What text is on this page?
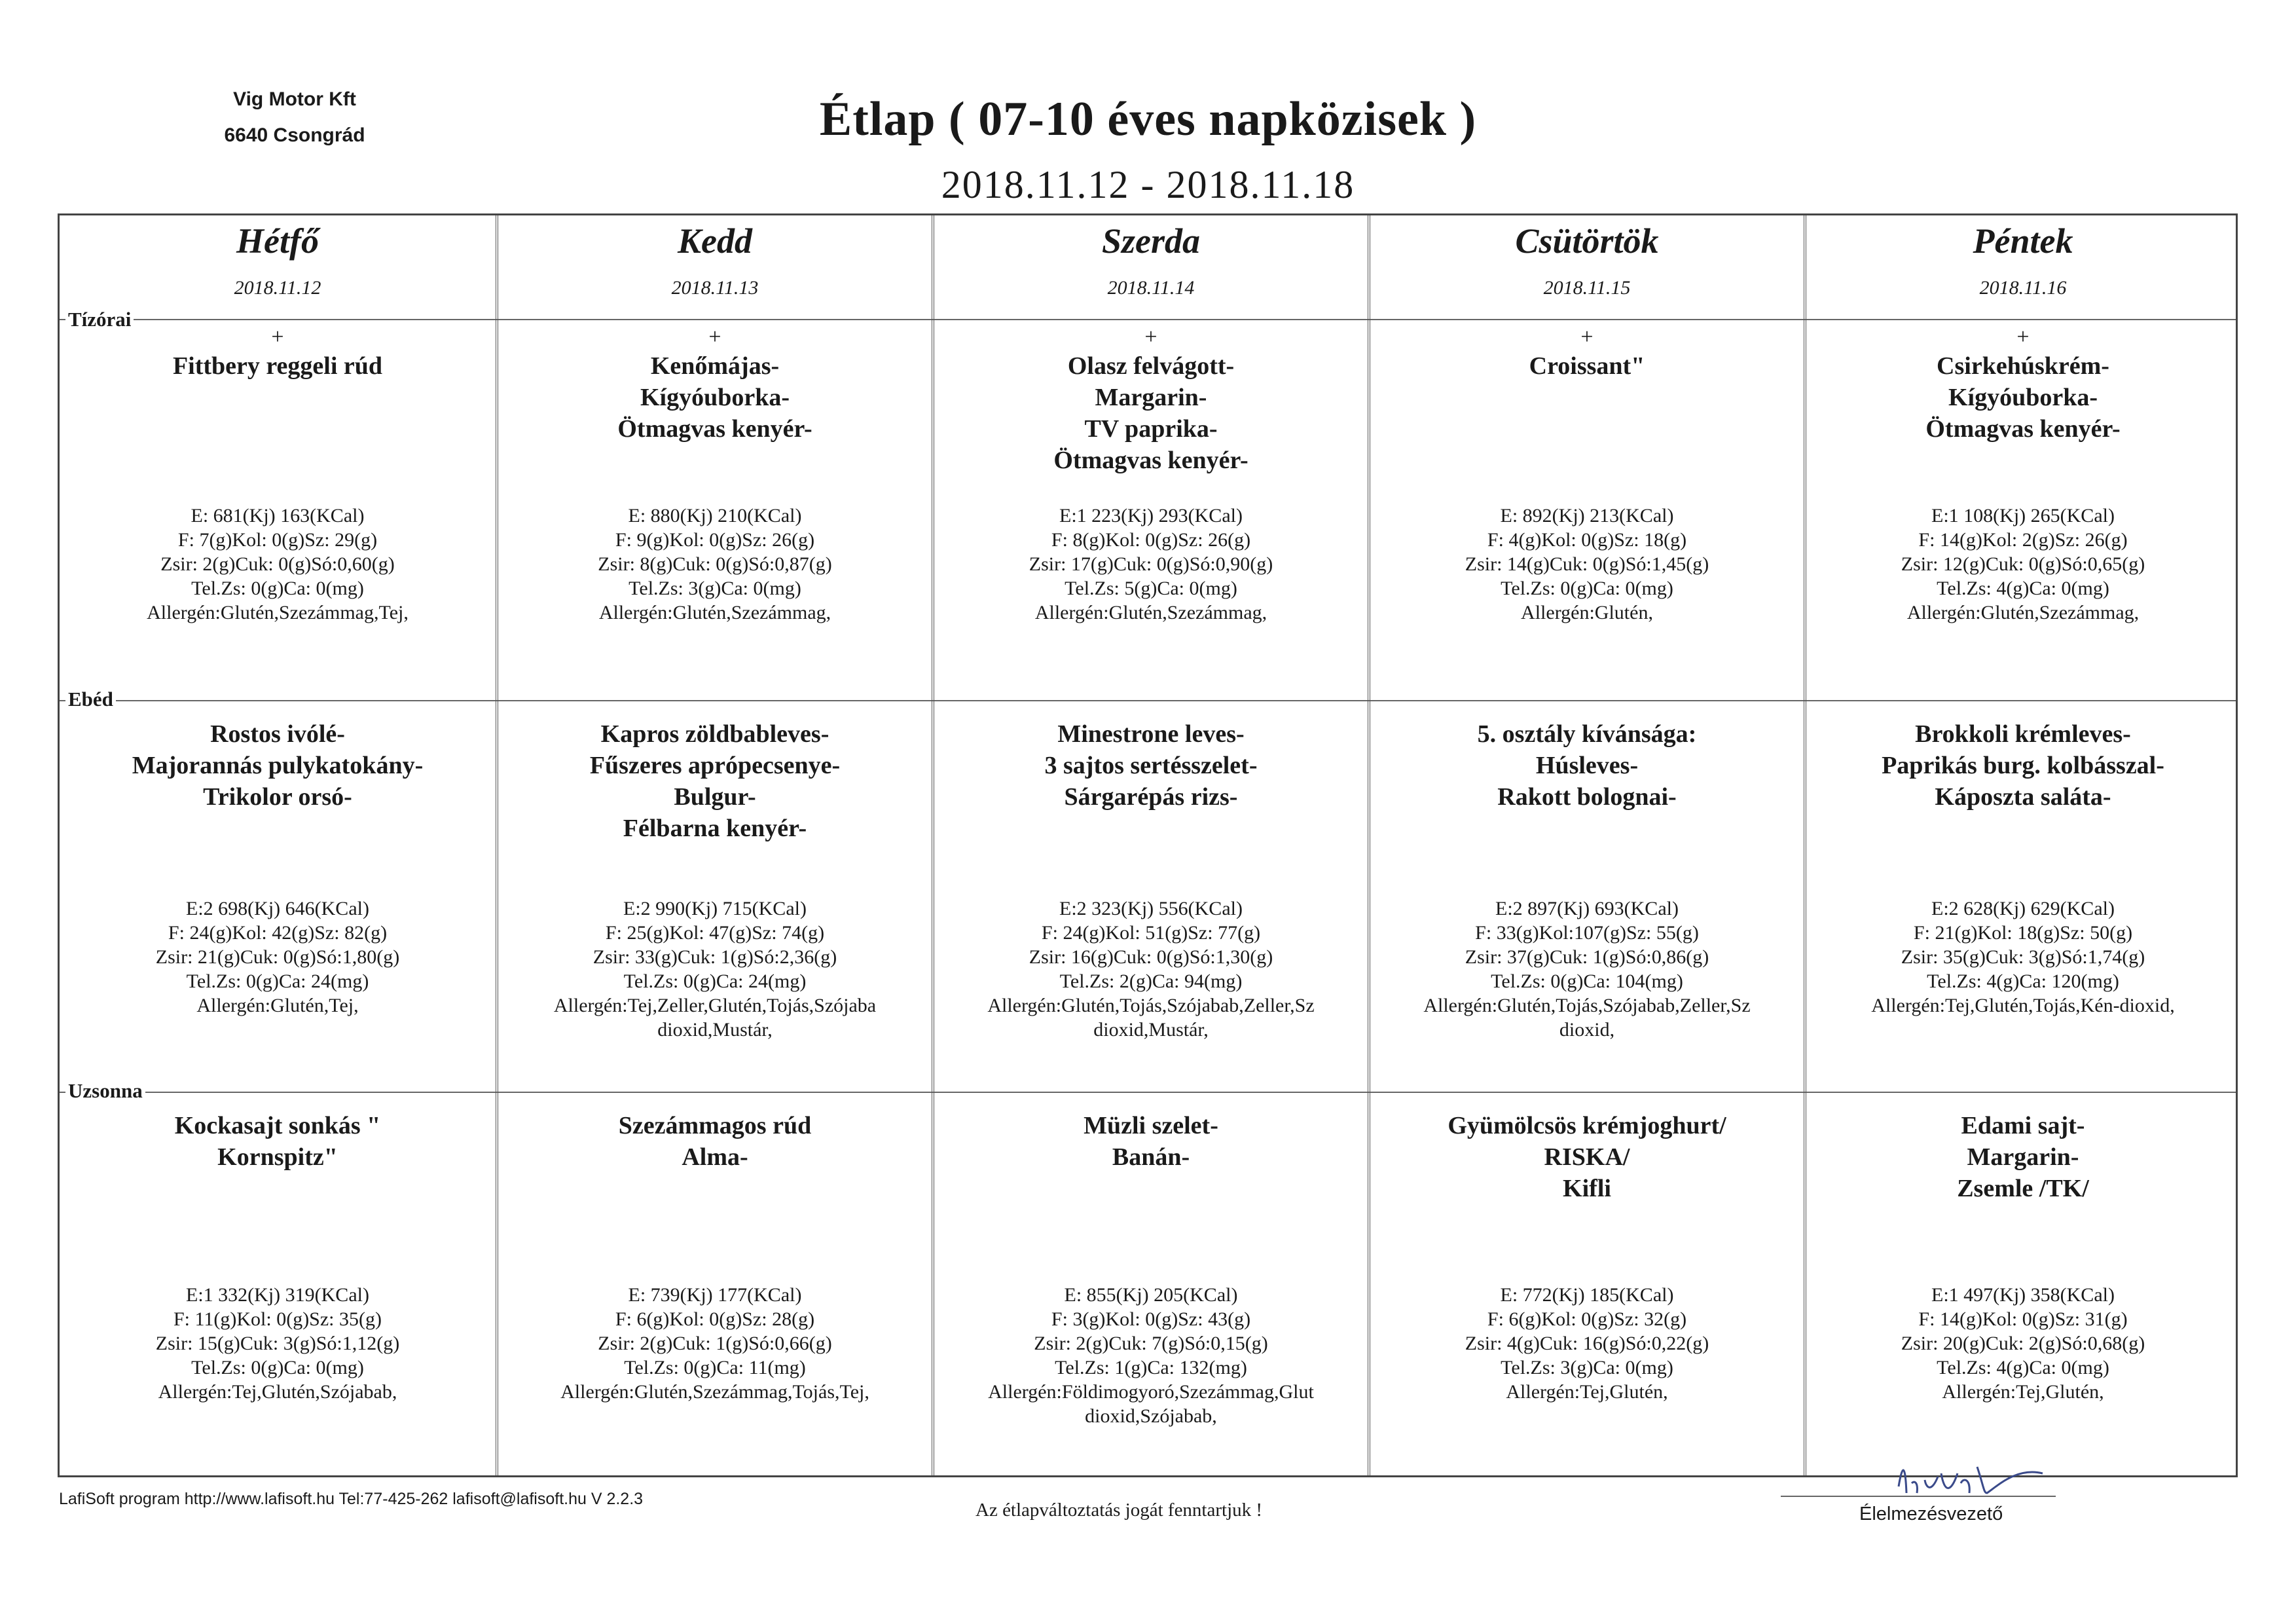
Vig Motor Kft
6640 Csongrád	Étlap ( 07-10 éves napközisek )
2018.11.12 - 2018.11.18
Hétfő
2018.11.12
+
Fittbery reggeli rúd
E: 681(Kj) 163(KCal)
F: 7(g)Kol: 0(g)Sz: 29(g)
Zsir: 2(g)Cuk: 0(g)Só:0,60(g)
Tel.Zs: 0(g)Ca: 0(mg)
Allergén:Glutén,Szezámmag,Tej,
Rostos ivólé-
Majorannás pulykatokány-
Trikolor orsó-
E:2 698(Kj) 646(KCal)
F: 24(g)Kol: 42(g)Sz: 82(g)
Zsir: 21(g)Cuk: 0(g)Só:1,80(g)
Tel.Zs: 0(g)Ca: 24(mg)
Allergén:Glutén,Tej,
Kockasajt sonkás "
Kornspitz"
E:1 332(Kj) 319(KCal)
F: 11(g)Kol: 0(g)Sz: 35(g)
Zsir: 15(g)Cuk: 3(g)Só:1,12(g)
Tel.Zs: 0(g)Ca: 0(mg)
Allergén:Tej,Glutén,Szójabab,
Kedd
2018.11.13
+
Kenőmájas-
Kígyóuborka-
Ötmagvas kenyér-
E: 880(Kj) 210(KCal)
F: 9(g)Kol: 0(g)Sz: 26(g)
Zsir: 8(g)Cuk: 0(g)Só:0,87(g)
Tel.Zs: 3(g)Ca: 0(mg)
Allergén:Glutén,Szezámmag,
Kapros zöldbableves-
Fűszeres aprópecsenye-
Bulgur-
Félbarna kenyér-
E:2 990(Kj) 715(KCal)
F: 25(g)Kol: 47(g)Sz: 74(g)
Zsir: 33(g)Cuk: 1(g)Só:2,36(g)
Tel.Zs: 0(g)Ca: 24(mg)
Allergén:Tej,Zeller,Glutén,Tojás,Szójaba
dioxid,Mustár,
Szezámmagos rúd
Alma-
E: 739(Kj) 177(KCal)
F: 6(g)Kol: 0(g)Sz: 28(g)
Zsir: 2(g)Cuk: 1(g)Só:0,66(g)
Tel.Zs: 0(g)Ca: 11(mg)
Allergén:Glutén,Szezámmag,Tojás,Tej,
Szerda
2018.11.14
+
Olasz felvágott-
Margarin-
TV paprika-
Ötmagvas kenyér-
E:1 223(Kj) 293(KCal)
F: 8(g)Kol: 0(g)Sz: 26(g)
Zsir: 17(g)Cuk: 0(g)Só:0,90(g)
Tel.Zs: 5(g)Ca: 0(mg)
Allergén:Glutén,Szezámmag,
Minestrone leves-
3 sajtos sertésszelet-
Sárgarépás rizs-
E:2 323(Kj) 556(KCal)
F: 24(g)Kol: 51(g)Sz: 77(g)
Zsir: 16(g)Cuk: 0(g)Só:1,30(g)
Tel.Zs: 2(g)Ca: 94(mg)
Allergén:Glutén,Tojás,Szójabab,Zeller,Sz
dioxid,Mustár,
Müzli szelet-
Banán-
E: 855(Kj) 205(KCal)
F: 3(g)Kol: 0(g)Sz: 43(g)
Zsir: 2(g)Cuk: 7(g)Só:0,15(g)
Tel.Zs: 1(g)Ca: 132(mg)
Allergén:Földimogyoró,Szezámmag,Glut
dioxid,Szójabab,
Csütörtök
2018.11.15
+
Croissant"
E: 892(Kj) 213(KCal)
F: 4(g)Kol: 0(g)Sz: 18(g)
Zsir: 14(g)Cuk: 0(g)Só:1,45(g)
Tel.Zs: 0(g)Ca: 0(mg)
Allergén:Glutén,
5. osztály kívánsága:
Húsleves-
Rakott bolognai-
E:2 897(Kj) 693(KCal)
F: 33(g)Kol:107(g)Sz: 55(g)
Zsir: 37(g)Cuk: 1(g)Só:0,86(g)
Tel.Zs: 0(g)Ca: 104(mg)
Allergén:Glutén,Tojás,Szójabab,Zeller,Sz
dioxid,
Gyümölcsös krémjoghurt/
RISKA/
Kifli
E: 772(Kj) 185(KCal)
F: 6(g)Kol: 0(g)Sz: 32(g)
Zsir: 4(g)Cuk: 16(g)Só:0,22(g)
Tel.Zs: 3(g)Ca: 0(mg)
Allergén:Tej,Glutén,
Péntek
2018.11.16
+
Csirkehúskrém-
Kígyóuborka-
Ötmagvas kenyér-
E:1 108(Kj) 265(KCal)
F: 14(g)Kol: 2(g)Sz: 26(g)
Zsir: 12(g)Cuk: 0(g)Só:0,65(g)
Tel.Zs: 4(g)Ca: 0(mg)
Allergén:Glutén,Szezámmag,
Brokkoli krémleves-
Paprikás burg. kolbásszal-
Káposzta saláta-
E:2 628(Kj) 629(KCal)
F: 21(g)Kol: 18(g)Sz: 50(g)
Zsir: 35(g)Cuk: 3(g)Só:1,74(g)
Tel.Zs: 4(g)Ca: 120(mg)
Allergén:Tej,Glutén,Tojás,Kén-dioxid,
Edami sajt-
Margarin-
Zsemle /TK/
E:1 497(Kj) 358(KCal)
F: 14(g)Kol: 0(g)Sz: 31(g)
Zsir: 20(g)Cuk: 2(g)Só:0,68(g)
Tel.Zs: 4(g)Ca: 0(mg)
Allergén:Tej,Glutén,
Tízórai
Ebéd
Uzsonna
LafiSoft program http://www.lafisoft.hu Tel:77-425-262 lafisoft@lafisoft.hu V 2.2.3
Az étlapváltoztatás jogát fenntartjuk !	Élelmezésvezető
